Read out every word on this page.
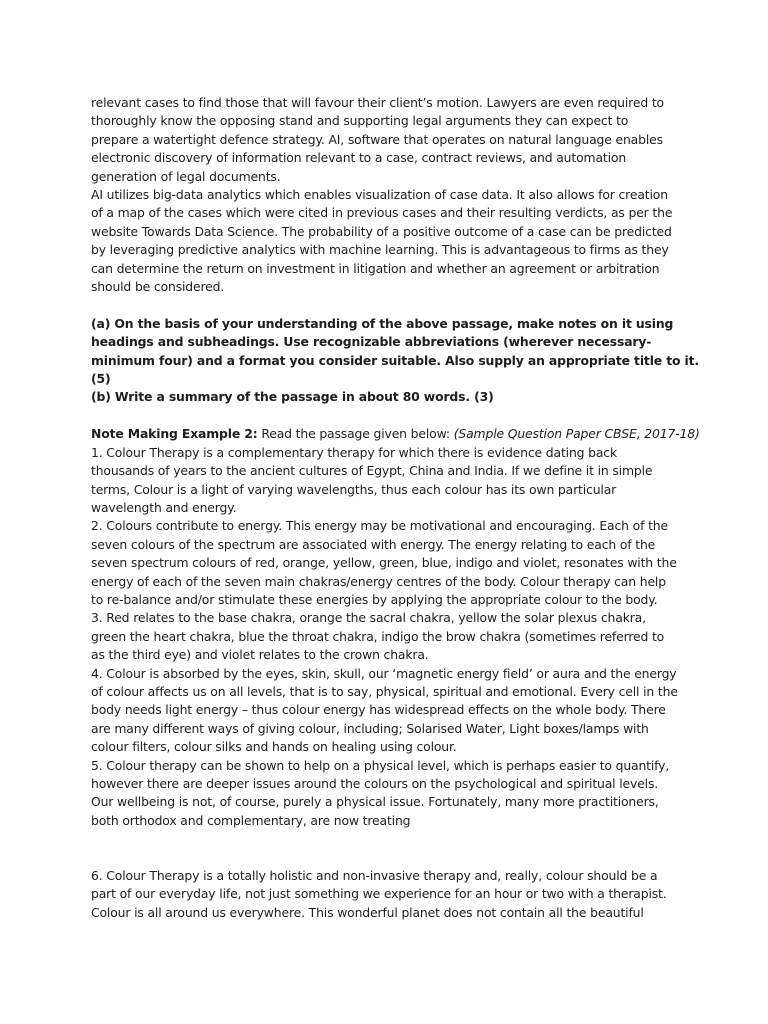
relevant cases to find those that will favour their client’s motion. Lawyers are even required to
thoroughly know the opposing stand and supporting legal arguments they can expect to
prepare a watertight defence strategy. AI, software that operates on natural language enables
electronic discovery of information relevant to a case, contract reviews, and automation
generation of legal documents.
AI utilizes big-data analytics which enables visualization of case data. It also allows for creation
of a map of the cases which were cited in previous cases and their resulting verdicts, as per the
website Towards Data Science. The probability of a positive outcome of a case can be predicted
by leveraging predictive analytics with machine learning. This is advantageous to firms as they
can determine the return on investment in litigation and whether an agreement or arbitration
should be considered.
(a) On the basis of your understanding of the above passage, make notes on it using
headings and subheadings. Use recognizable abbreviations (wherever necessary-
minimum four) and a format you consider suitable. Also supply an appropriate title to it.
(5)
(b) Write a summary of the passage in about 80 words. (3)
Note Making Example 2: Read the passage given below: (Sample Question Paper CBSE, 2017-18)
1. Colour Therapy is a complementary therapy for which there is evidence dating back
thousands of years to the ancient cultures of Egypt, China and India. If we define it in simple
terms, Colour is a light of varying wavelengths, thus each colour has its own particular
wavelength and energy.
2. Colours contribute to energy. This energy may be motivational and encouraging. Each of the
seven colours of the spectrum are associated with energy. The energy relating to each of the
seven spectrum colours of red, orange, yellow, green, blue, indigo and violet, resonates with the
energy of each of the seven main chakras/energy centres of the body. Colour therapy can help
to re-balance and/or stimulate these energies by applying the appropriate colour to the body.
3. Red relates to the base chakra, orange the sacral chakra, yellow the solar plexus chakra,
green the heart chakra, blue the throat chakra, indigo the brow chakra (sometimes referred to
as the third eye) and violet relates to the crown chakra.
4. Colour is absorbed by the eyes, skin, skull, our ‘magnetic energy field’ or aura and the energy
of colour affects us on all levels, that is to say, physical, spiritual and emotional. Every cell in the
body needs light energy – thus colour energy has widespread effects on the whole body. There
are many different ways of giving colour, including; Solarised Water, Light boxes/lamps with
colour filters, colour silks and hands on healing using colour.
5. Colour therapy can be shown to help on a physical level, which is perhaps easier to quantify,
however there are deeper issues around the colours on the psychological and spiritual levels.
Our wellbeing is not, of course, purely a physical issue. Fortunately, many more practitioners,
both orthodox and complementary, are now treating
6. Colour Therapy is a totally holistic and non-invasive therapy and, really, colour should be a
part of our everyday life, not just something we experience for an hour or two with a therapist.
Colour is all around us everywhere. This wonderful planet does not contain all the beautiful
